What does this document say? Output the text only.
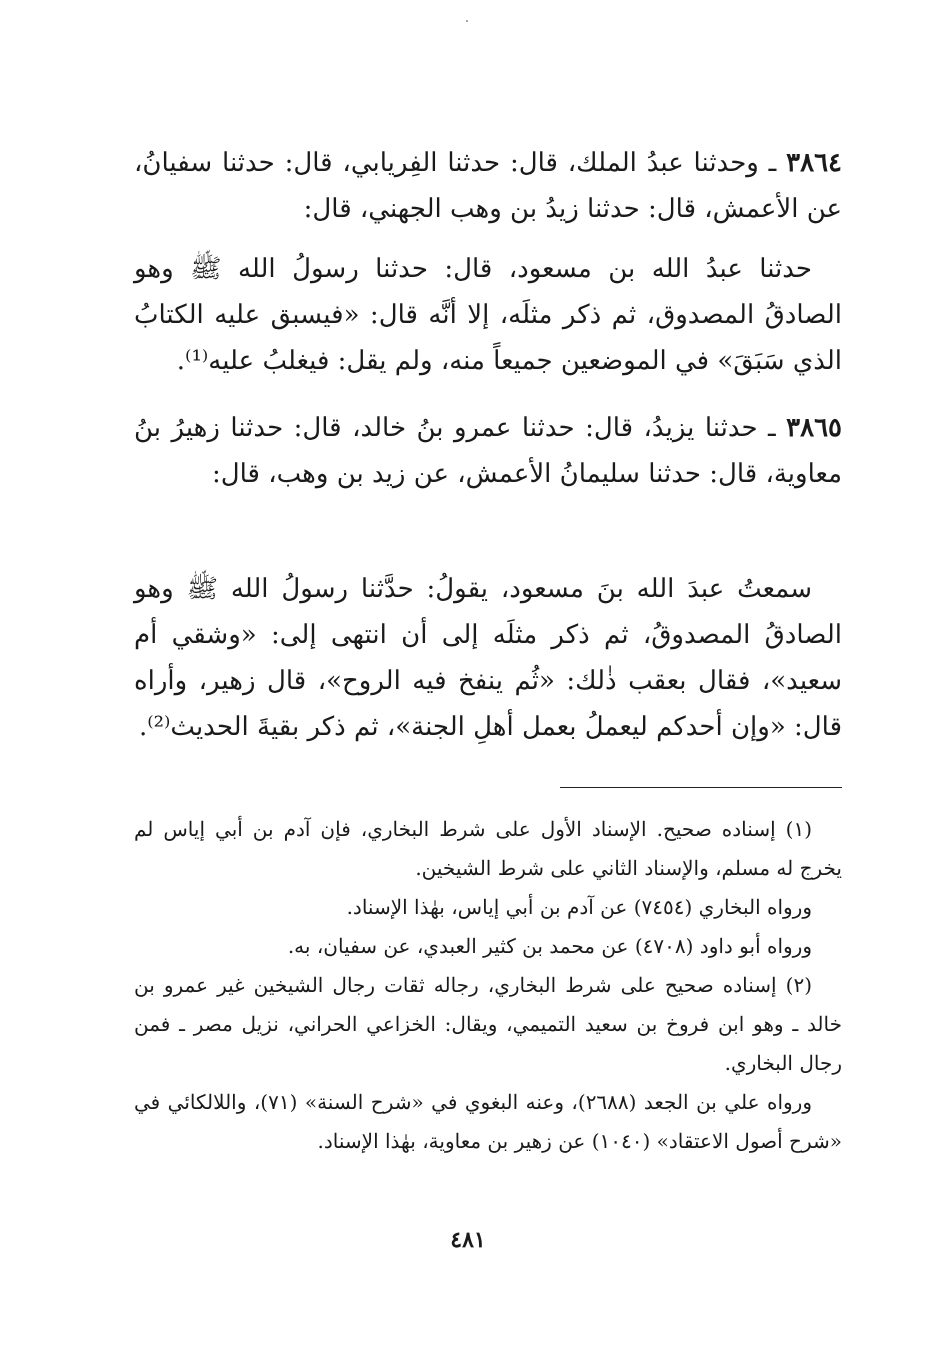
٣٨٦٤ ـ وحدثنا عبدُ الملك، قال: حدثنا الفِريابي، قال: حدثنا سفيانُ، عن الأعمش، قال: حدثنا زيدُ بن وهب الجهني، قال:

حدثنا عبدُ الله بن مسعود، قال: حدثنا رسولُ الله ﷺ وهو الصادقُ المصدوق، ثم ذكر مثلَه، إلا أنَّه قال: «فيسبق عليه الكتابُ الذي سَبَقَ» في الموضعين جميعاً منه، ولم يقل: فيغلبُ عليه⁽¹⁾.

٣٨٦٥ ـ حدثنا يزيدُ، قال: حدثنا عمرو بنُ خالد، قال: حدثنا زهيرُ بنُ معاوية، قال: حدثنا سليمانُ الأعمش، عن زيد بن وهب، قال:

سمعتُ عبدَ الله بنَ مسعود، يقولُ: حدَّثنا رسولُ الله ﷺ وهو الصادقُ المصدوقُ، ثم ذكر مثلَه إلى أن انتهى إلى: «وشقي أم سعيد»، فقال بعقب ذٰلك: «ثُم ينفخ فيه الروح»، قال زهير، وأراه قال: «وإن أحدكم ليعملُ بعمل أهلِ الجنة»، ثم ذكر بقيةَ الحديث⁽²⁾.

(١) إسناده صحيح. الإسناد الأول على شرط البخاري، فإن آدم بن أبي إياس لم يخرج له مسلم، والإسناد الثاني على شرط الشيخين.

ورواه البخاري (٧٤٥٤) عن آدم بن أبي إياس، بهٰذا الإسناد.

ورواه أبو داود (٤٧٠٨) عن محمد بن كثير العبدي، عن سفيان، به.

(٢) إسناده صحيح على شرط البخاري، رجاله ثقات رجال الشيخين غير عمرو بن خالد ـ وهو ابن فروخ بن سعيد التميمي، ويقال: الخزاعي الحراني، نزيل مصر ـ فمن رجال البخاري.

ورواه علي بن الجعد (٢٦٨٨)، وعنه البغوي في «شرح السنة» (٧١)، واللالكائي في «شرح أصول الاعتقاد» (١٠٤٠) عن زهير بن معاوية، بهٰذا الإسناد.

٤٨١
